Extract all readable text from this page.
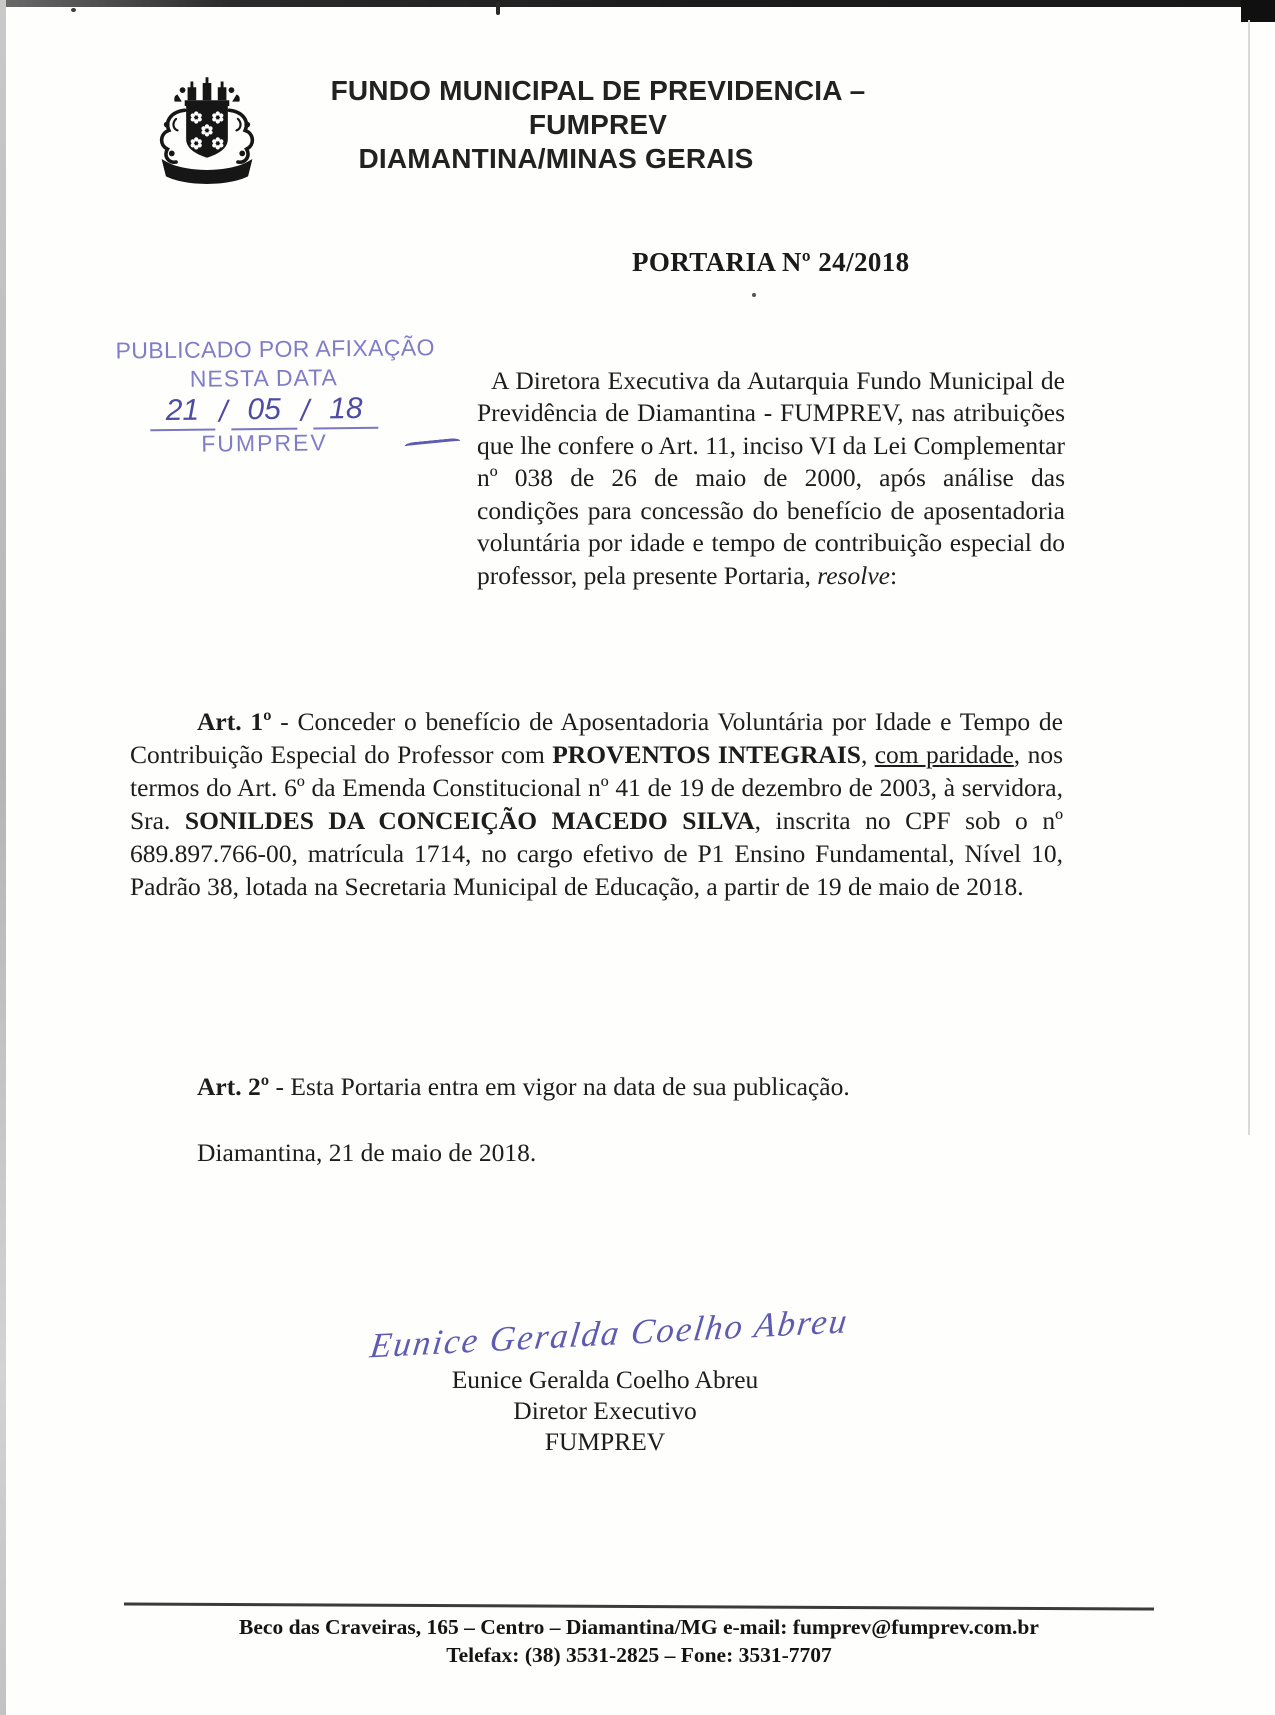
FUNDO MUNICIPAL DE PREVIDENCIA – FUMPREV
DIAMANTINA/MINAS GERAIS
PORTARIA Nº 24/2018
PUBLICADO POR AFIXAÇÃO
NESTA DATA
21 / 05 / 18
FUMPREV

A Diretora Executiva da Autarquia Fundo Municipal de Previdência de Diamantina - FUMPREV, nas atribuições que lhe confere o Art. 11, inciso VI da Lei Complementar nº 038 de 26 de maio de 2000, após análise das condições para concessão do benefício de aposentadoria voluntária por idade e tempo de contribuição especial do professor, pela presente Portaria, resolve:

Art. 1º - Conceder o benefício de Aposentadoria Voluntária por Idade e Tempo de Contribuição Especial do Professor com PROVENTOS INTEGRAIS, com paridade, nos termos do Art. 6º da Emenda Constitucional nº 41 de 19 de dezembro de 2003, à servidora, Sra. SONILDES DA CONCEIÇÃO MACEDO SILVA, inscrita no CPF sob o nº 689.897.766-00, matrícula 1714, no cargo efetivo de P1 Ensino Fundamental, Nível 10, Padrão 38, lotada na Secretaria Municipal de Educação, a partir de 19 de maio de 2018.

Art. 2º - Esta Portaria entra em vigor na data de sua publicação.

Diamantina, 21 de maio de 2018.
Eunice Geralda Coelho Abreu
Eunice Geralda Coelho Abreu
Diretor Executivo
FUMPREV
Beco das Craveiras, 165 – Centro – Diamantina/MG e-mail: fumprev@fumprev.com.br
Telefax: (38) 3531-2825 – Fone: 3531-7707
